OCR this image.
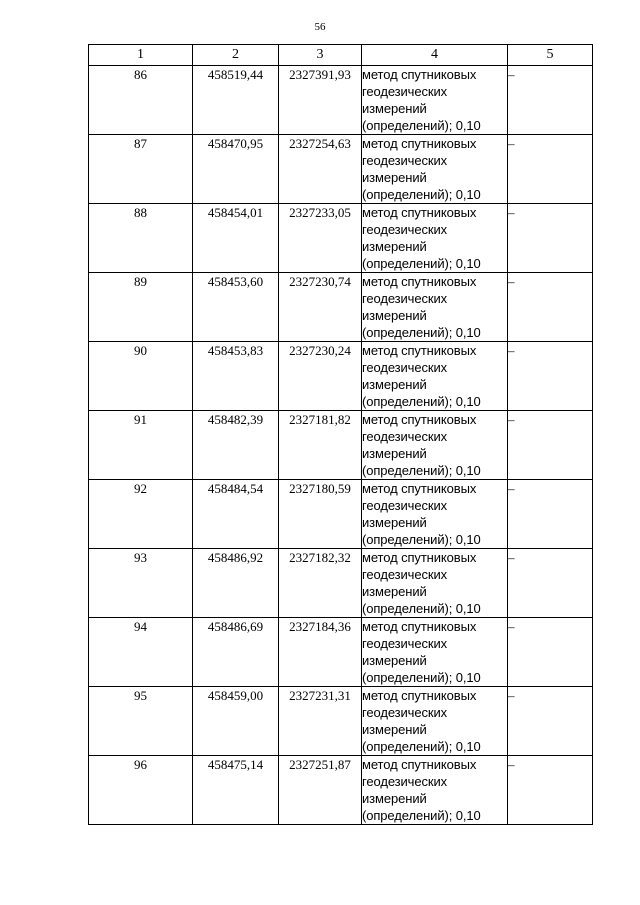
56
1	2	3	4	5
86	458519,44	2327391,93	метод спутниковых
геодезических
измерений
(определений); 0,10	–
87	458470,95	2327254,63	метод спутниковых
геодезических
измерений
(определений); 0,10	–
88	458454,01	2327233,05	метод спутниковых
геодезических
измерений
(определений); 0,10	–
89	458453,60	2327230,74	метод спутниковых
геодезических
измерений
(определений); 0,10	–
90	458453,83	2327230,24	метод спутниковых
геодезических
измерений
(определений); 0,10	–
91	458482,39	2327181,82	метод спутниковых
геодезических
измерений
(определений); 0,10	–
92	458484,54	2327180,59	метод спутниковых
геодезических
измерений
(определений); 0,10	–
93	458486,92	2327182,32	метод спутниковых
геодезических
измерений
(определений); 0,10	–
94	458486,69	2327184,36	метод спутниковых
геодезических
измерений
(определений); 0,10	–
95	458459,00	2327231,31	метод спутниковых
геодезических
измерений
(определений); 0,10	–
96	458475,14	2327251,87	метод спутниковых
геодезических
измерений
(определений); 0,10	–
